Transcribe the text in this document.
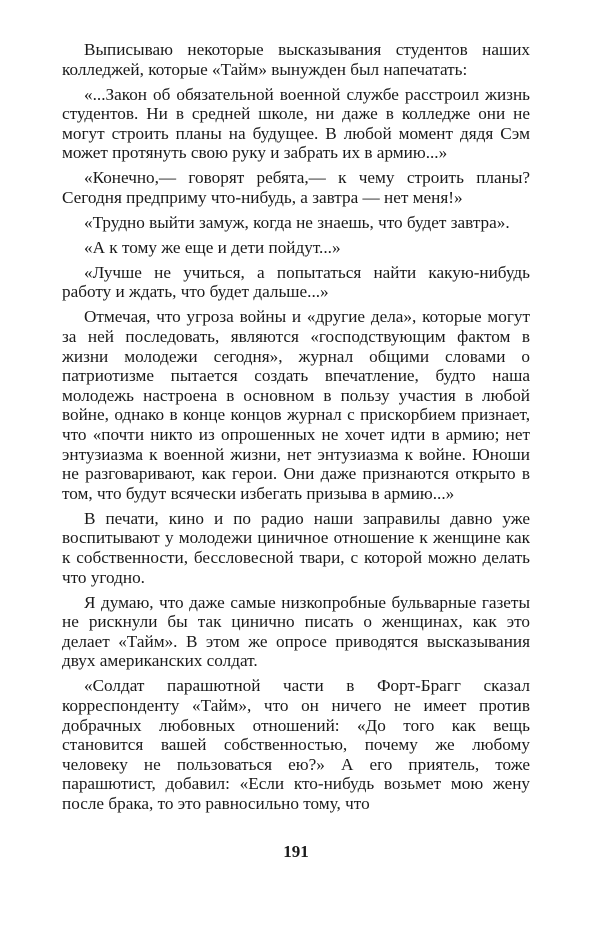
Выписываю некоторые высказывания студентов наших колледжей, которые «Тайм» вынужден был напечатать:

«...Закон об обязательной военной службе расстроил жизнь студентов. Ни в средней школе, ни даже в колледже они не могут строить планы на будущее. В любой момент дядя Сэм может протянуть свою руку и забрать их в армию...»

«Конечно,— говорят ребята,— к чему строить планы? Сегодня предприму что-нибудь, а завтра — нет меня!»

«Трудно выйти замуж, когда не знаешь, что будет завтра».

«А к тому же еще и дети пойдут...»

«Лучше не учиться, а попытаться найти какую-нибудь работу и ждать, что будет дальше...»

Отмечая, что угроза войны и «другие дела», которые могут за ней последовать, являются «господствующим фактом в жизни молодежи сегодня», журнал общими словами о патриотизме пытается создать впечатление, будто наша молодежь настроена в основном в пользу участия в любой войне, однако в конце концов журнал с прискорбием признает, что «почти никто из опрошенных не хочет идти в армию; нет энтузиазма к военной жизни, нет энтузиазма к войне. Юноши не разговаривают, как герои. Они даже признаются открыто в том, что будут всячески избегать призыва в армию...»

В печати, кино и по радио наши заправилы давно уже воспитывают у молодежи циничное отношение к женщине как к собственности, бессловесной твари, с которой можно делать что угодно.

Я думаю, что даже самые низкопробные бульварные газеты не рискнули бы так цинично писать о женщинах, как это делает «Тайм». В этом же опросе приводятся высказывания двух американских солдат.

«Солдат парашютной части в Форт-Брагг сказал корреспонденту «Тайм», что он ничего не имеет против добрачных любовных отношений: «До того как вещь становится вашей собственностью, почему же любому человеку не пользоваться ею?» А его приятель, тоже парашютист, добавил: «Если кто-нибудь возьмет мою жену после брака, то это равносильно тому, что

191
